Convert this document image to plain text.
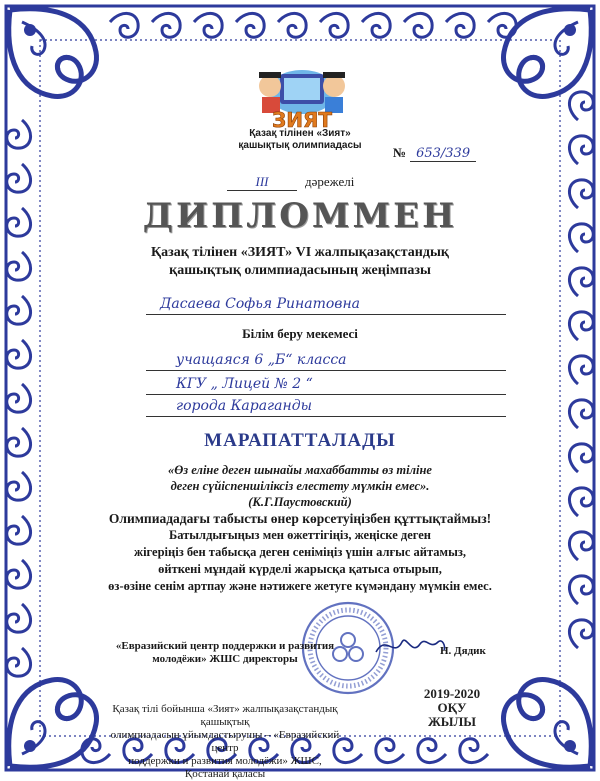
ЗИЯТ
Қазақ тілінен «Зият»
қашықтық олимпиадасы	№ 653/339
III	дәрежелі
ДИПЛОММЕН
Қазақ тілінен «ЗИЯТ» VI жалпықазақстандық
қашықтық олимпиадасының жеңімпазы
Дасаева Софья Ринатовна
Білім беру мекемесі
учащаяся 6 „Б“ класса
КГУ „ Лицей № 2 “
города Караганды
МАРАПАТТАЛАДЫ
«Өз еліне деген шынайы махаббатты өз тіліне
деген сүйіспеншіліксіз елестету мүмкін емес».
(К.Г.Паустовский)
Олимпиададағы табысты өнер көрсетуіңізбен құттықтаймыз!
Батылдығыңыз мен өжеттігіңіз, жеңіске деген
жігеріңіз бен табысқа деген сеніміңіз үшін алғыс айтамыз,
өйткені мұндай күрделі жарысқа қатыса отырып,
өз-өзіне сенім артпау және нәтижеге жетуге күмәндану мүмкін емес.
«Евразийский центр поддержки и развития
молодёжи» ЖШС директоры
Н. Дядик
Қазақ тілі бойынша «Зият» жалпықазақстандық қашықтық
олимпиадасын ұйымдастырушы – «Евразийский центр
поддержки и развития молодёжи» ЖШС,
Қостанай қаласы
2019-2020
ОҚУ ЖЫЛЫ
